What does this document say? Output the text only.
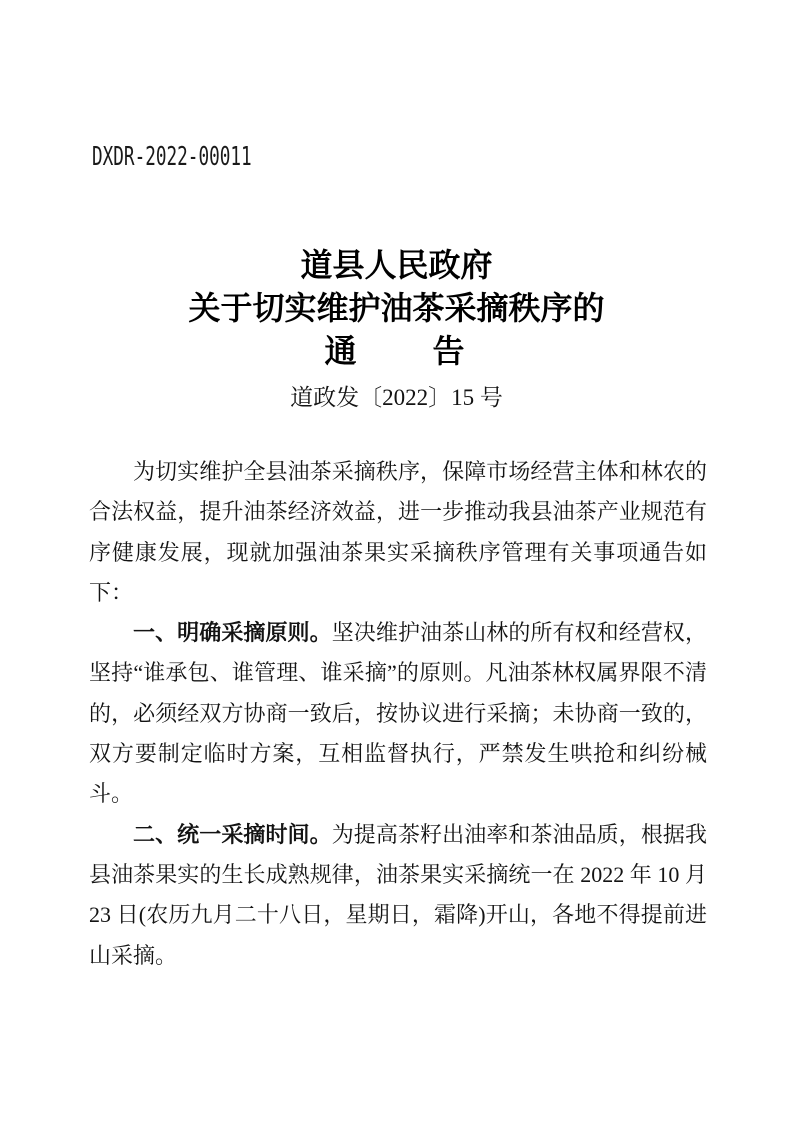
DXDR-2022-00011
道县人民政府
关于切实维护油茶采摘秩序的
通　　告
道政发〔2022〕15 号

为切实维护全县油茶采摘秩序，保障市场经营主体和林农的合法权益，提升油茶经济效益，进一步推动我县油茶产业规范有序健康发展，现就加强油茶果实采摘秩序管理有关事项通告如下：

一、明确采摘原则。坚决维护油茶山林的所有权和经营权，坚持“谁承包、谁管理、谁采摘”的原则。凡油茶林权属界限不清的，必须经双方协商一致后，按协议进行采摘；未协商一致的，双方要制定临时方案，互相监督执行，严禁发生哄抢和纠纷械斗。

二、统一采摘时间。为提高茶籽出油率和茶油品质，根据我县油茶果实的生长成熟规律，油茶果实采摘统一在 2022 年 10 月 23 日(农历九月二十八日，星期日，霜降)开山，各地不得提前进山采摘。
